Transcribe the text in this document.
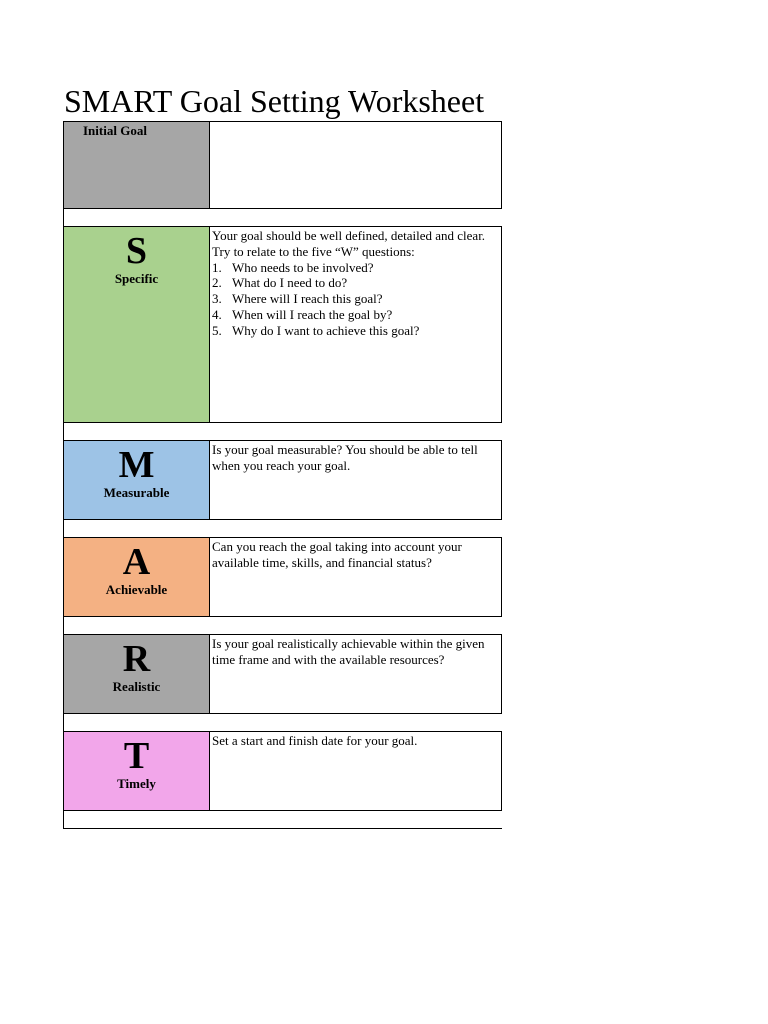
SMART Goal Setting Worksheet
Initial Goal
S
Specific
Your goal should be well defined, detailed and clear. Try to relate to the five “W” questions:
1. Who needs to be involved?
2. What do I need to do?
3. Where will I reach this goal?
4. When will I reach the goal by?
5. Why do I want to achieve this goal?
M
Measurable
Is your goal measurable? You should be able to tell when you reach your goal.
A
Achievable
Can you reach the goal taking into account your available time, skills, and financial status?
R
Realistic
Is your goal realistically achievable within the given time frame and with the available resources?
T
Timely
Set a start and finish date for your goal.
